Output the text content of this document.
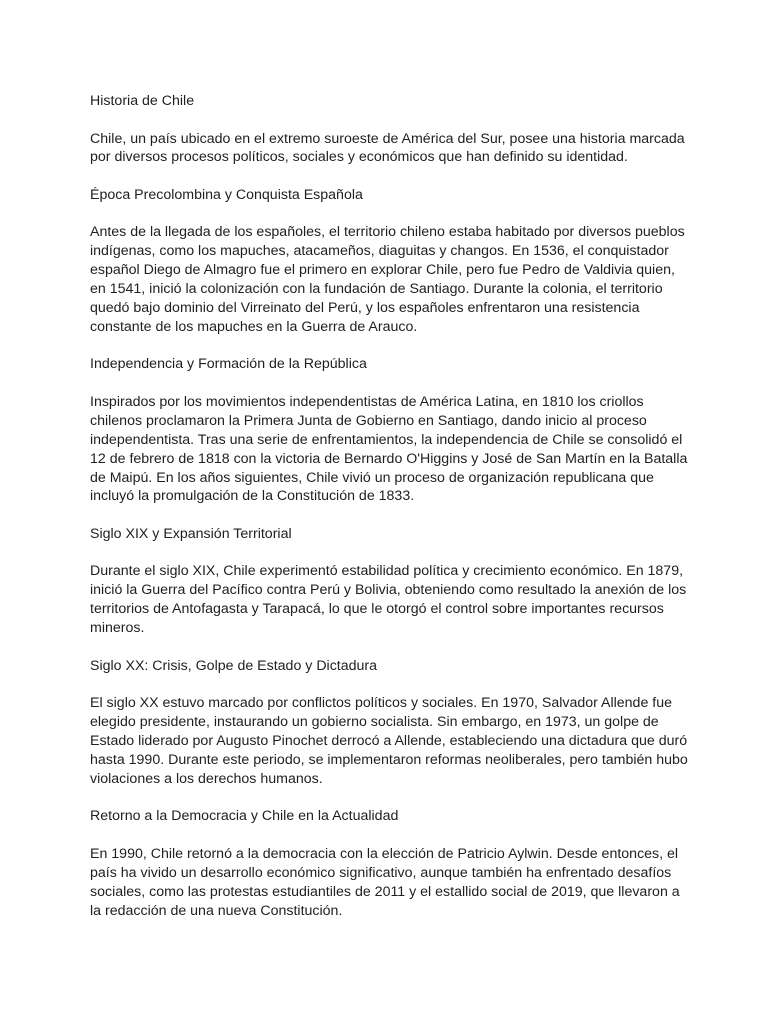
Historia de Chile
Chile, un país ubicado en el extremo suroeste de América del Sur, posee una historia marcada
por diversos procesos políticos, sociales y económicos que han definido su identidad.
Época Precolombina y Conquista Española
Antes de la llegada de los españoles, el territorio chileno estaba habitado por diversos pueblos
indígenas, como los mapuches, atacameños, diaguitas y changos. En 1536, el conquistador
español Diego de Almagro fue el primero en explorar Chile, pero fue Pedro de Valdivia quien,
en 1541, inició la colonización con la fundación de Santiago. Durante la colonia, el territorio
quedó bajo dominio del Virreinato del Perú, y los españoles enfrentaron una resistencia
constante de los mapuches en la Guerra de Arauco.
Independencia y Formación de la República
Inspirados por los movimientos independentistas de América Latina, en 1810 los criollos
chilenos proclamaron la Primera Junta de Gobierno en Santiago, dando inicio al proceso
independentista. Tras una serie de enfrentamientos, la independencia de Chile se consolidó el
12 de febrero de 1818 con la victoria de Bernardo O'Higgins y José de San Martín en la Batalla
de Maipú. En los años siguientes, Chile vivió un proceso de organización republicana que
incluyó la promulgación de la Constitución de 1833.
Siglo XIX y Expansión Territorial
Durante el siglo XIX, Chile experimentó estabilidad política y crecimiento económico. En 1879,
inició la Guerra del Pacífico contra Perú y Bolivia, obteniendo como resultado la anexión de los
territorios de Antofagasta y Tarapacá, lo que le otorgó el control sobre importantes recursos
mineros.
Siglo XX: Crisis, Golpe de Estado y Dictadura
El siglo XX estuvo marcado por conflictos políticos y sociales. En 1970, Salvador Allende fue
elegido presidente, instaurando un gobierno socialista. Sin embargo, en 1973, un golpe de
Estado liderado por Augusto Pinochet derrocó a Allende, estableciendo una dictadura que duró
hasta 1990. Durante este periodo, se implementaron reformas neoliberales, pero también hubo
violaciones a los derechos humanos.
Retorno a la Democracia y Chile en la Actualidad
En 1990, Chile retornó a la democracia con la elección de Patricio Aylwin. Desde entonces, el
país ha vivido un desarrollo económico significativo, aunque también ha enfrentado desafíos
sociales, como las protestas estudiantiles de 2011 y el estallido social de 2019, que llevaron a
la redacción de una nueva Constitución.
